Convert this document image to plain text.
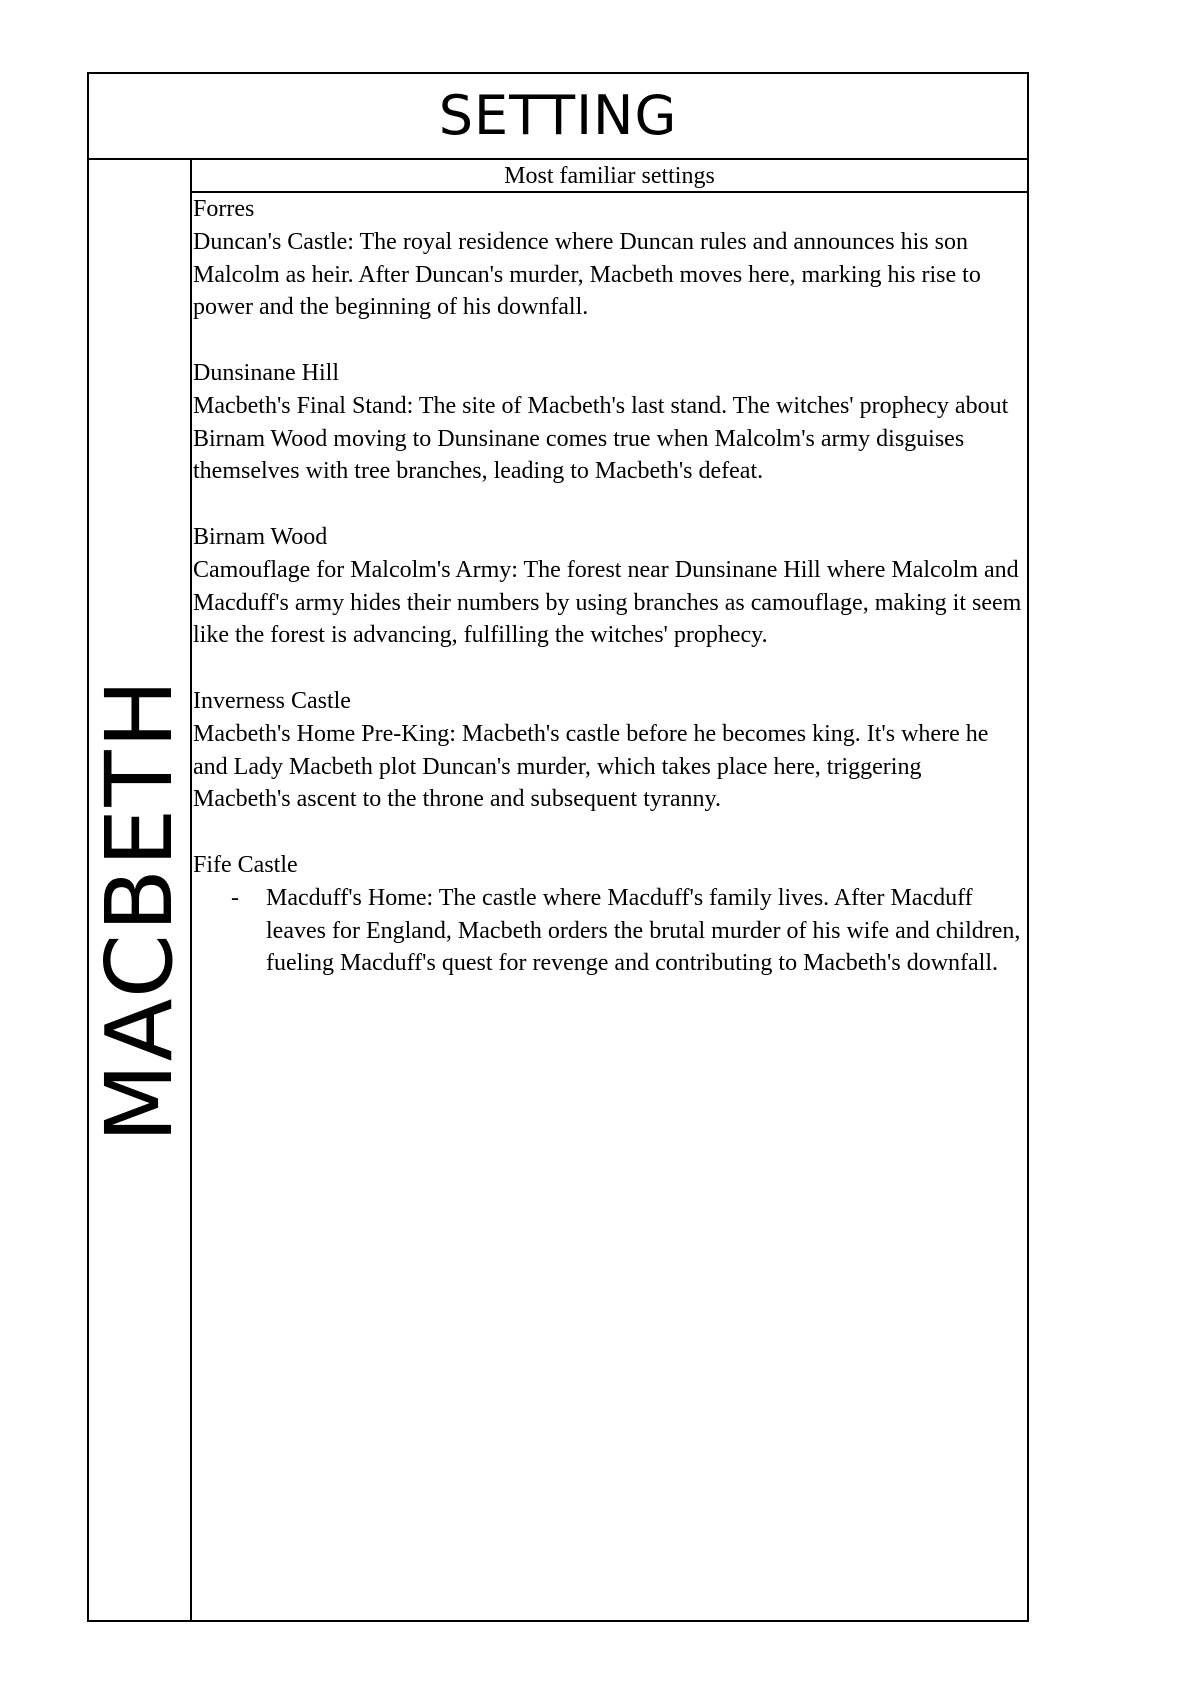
SETTING
MACBETH
Most familiar settings

Forres

Duncan's Castle: The royal residence where Duncan rules and announces his son Malcolm as heir. After Duncan's murder, Macbeth moves here, marking his rise to power and the beginning of his downfall.

Dunsinane Hill

Macbeth's Final Stand: The site of Macbeth's last stand. The witches' prophecy about Birnam Wood moving to Dunsinane comes true when Malcolm's army disguises themselves with tree branches, leading to Macbeth's defeat.

Birnam Wood

Camouflage for Malcolm's Army: The forest near Dunsinane Hill where Malcolm and Macduff's army hides their numbers by using branches as camouflage, making it seem like the forest is advancing, fulfilling the witches' prophecy.

Inverness Castle

Macbeth's Home Pre-King: Macbeth's castle before he becomes king. It's where he and Lady Macbeth plot Duncan's murder, which takes place here, triggering Macbeth's ascent to the throne and subsequent tyranny.

Fife Castle

- Macduff's Home: The castle where Macduff's family lives. After Macduff leaves for England, Macbeth orders the brutal murder of his wife and children, fueling Macduff's quest for revenge and contributing to Macbeth's downfall.
